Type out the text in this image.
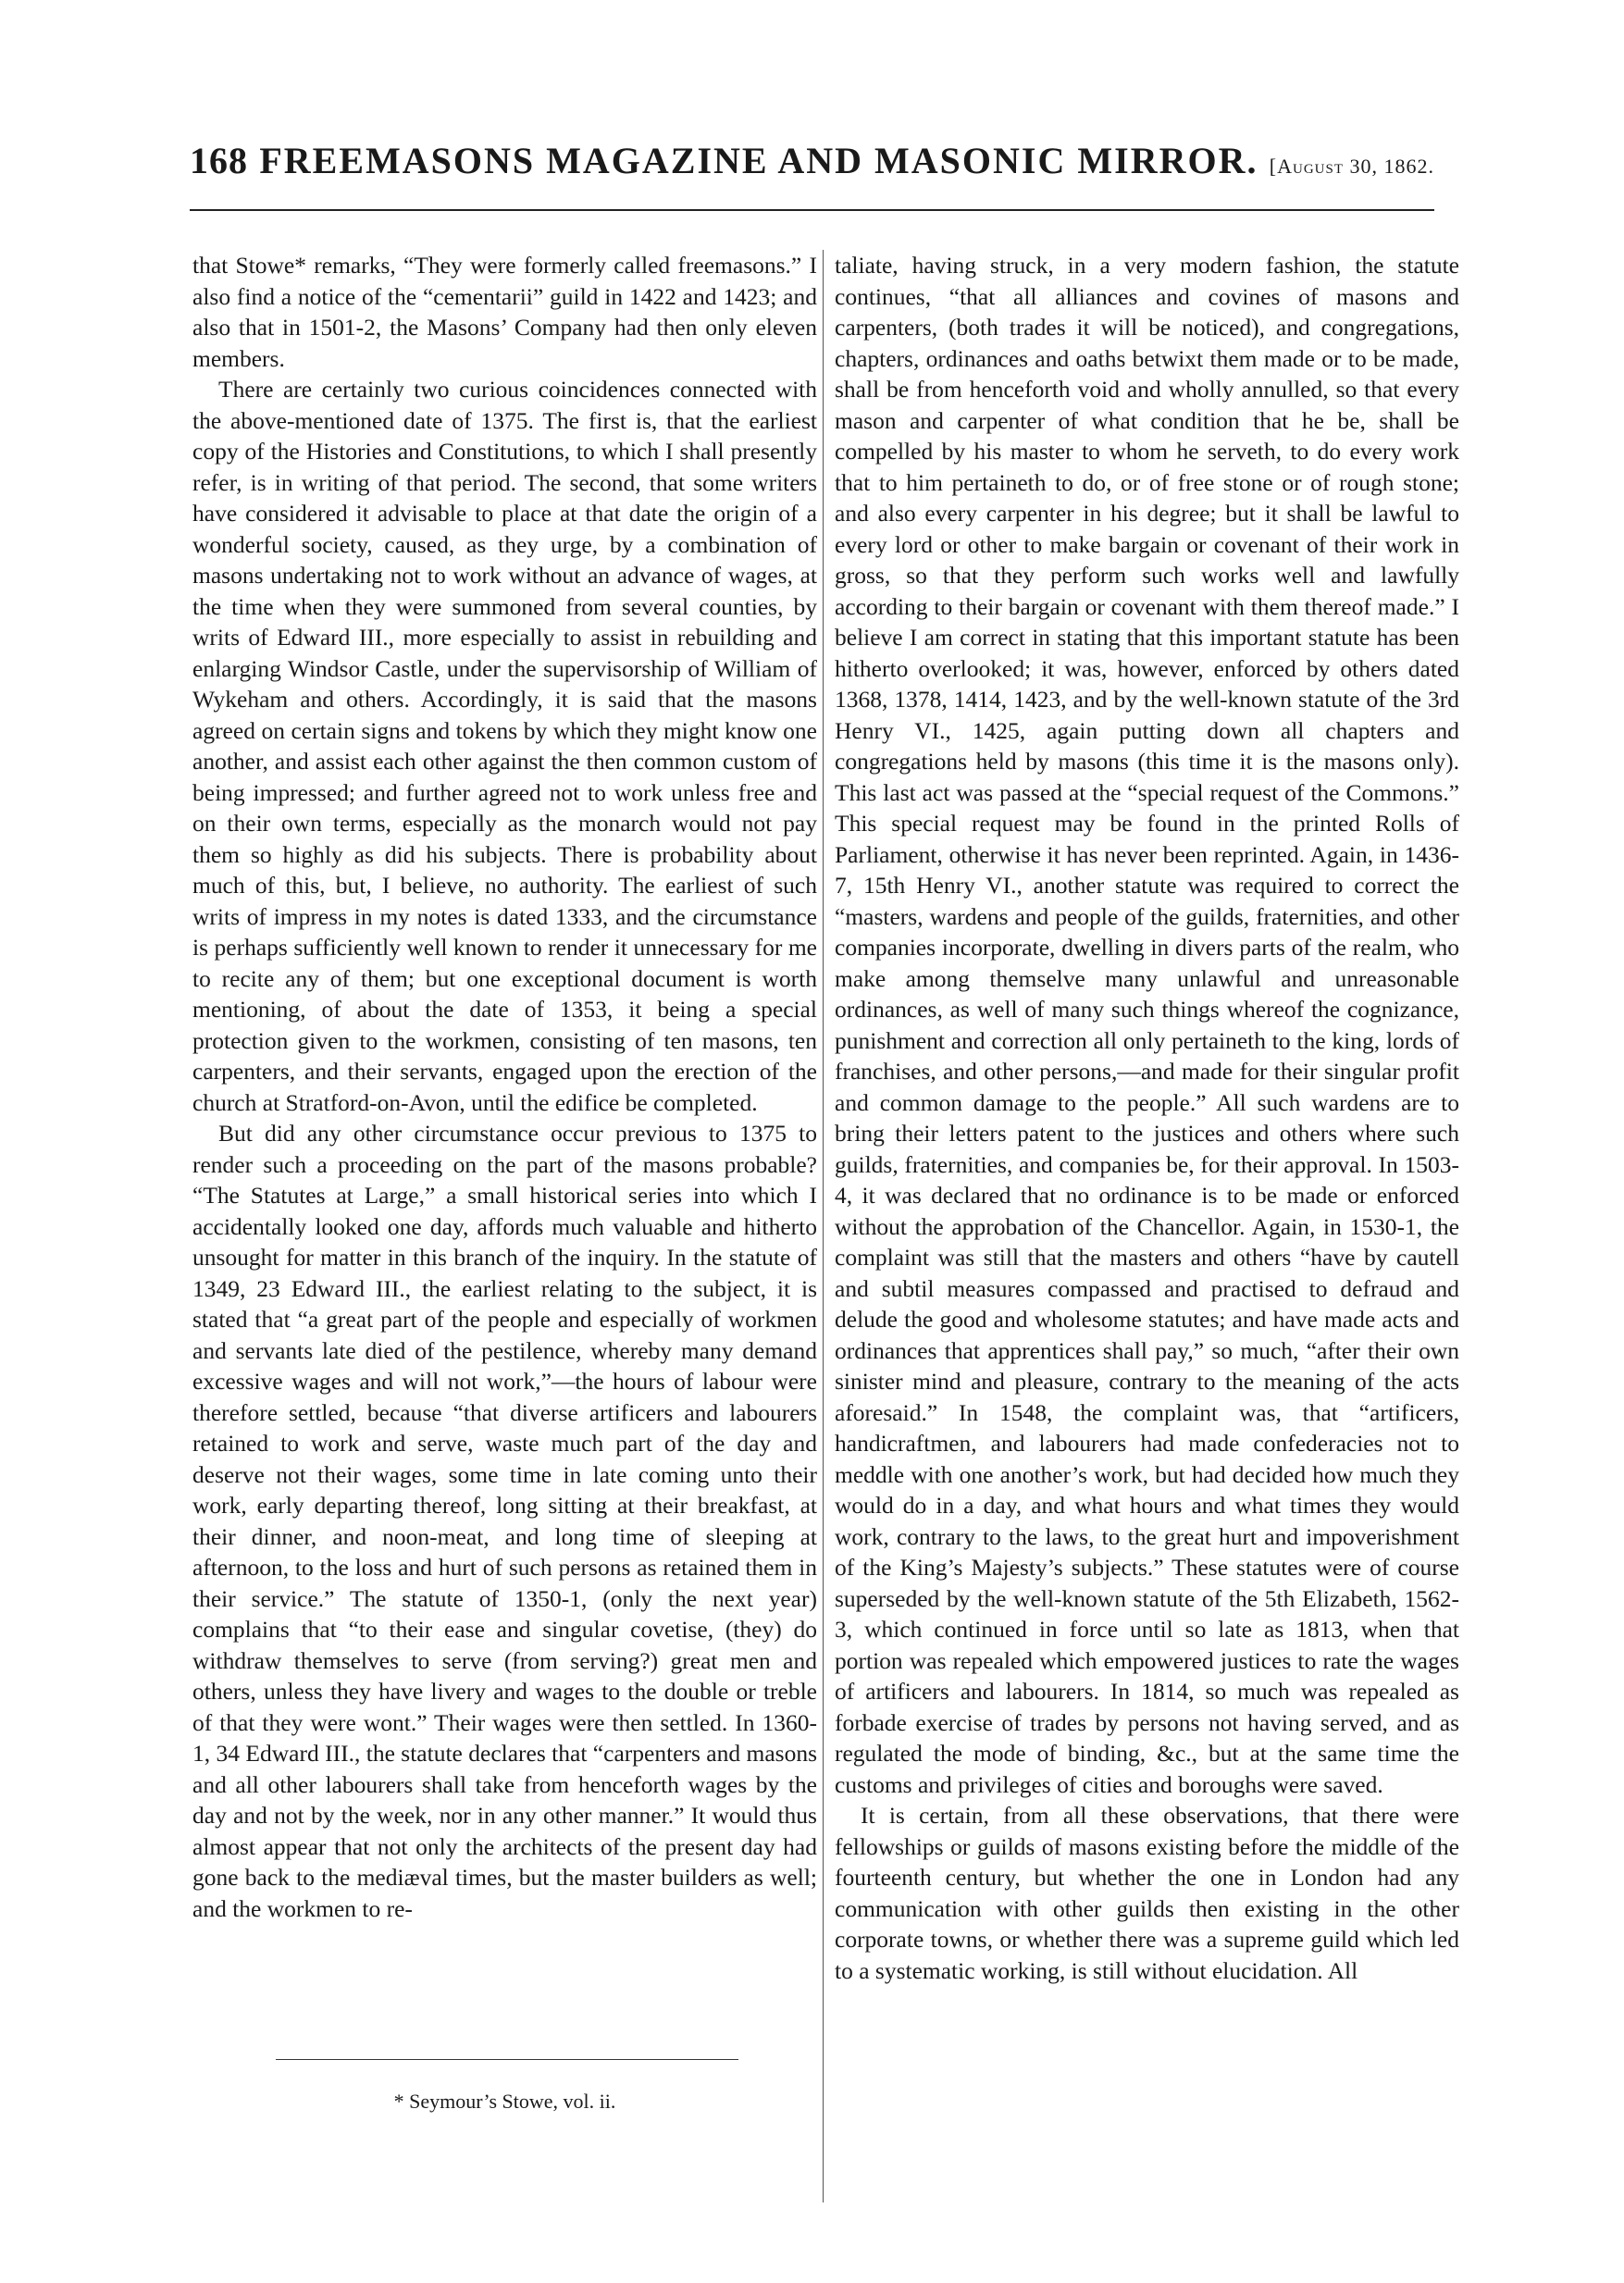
168 FREEMASONS MAGAZINE AND MASONIC MIRROR. [August 30, 1862.

that Stowe* remarks, “They were formerly called freemasons.” I also find a notice of the “cementarii” guild in 1422 and 1423; and also that in 1501-2, the Masons’ Company had then only eleven members.

There are certainly two curious coincidences connected with the above-mentioned date of 1375. The first is, that the earliest copy of the Histories and Constitutions, to which I shall presently refer, is in writing of that period. The second, that some writers have considered it advisable to place at that date the origin of a wonderful society, caused, as they urge, by a combination of masons undertaking not to work without an advance of wages, at the time when they were summoned from several counties, by writs of Edward III., more especially to assist in rebuilding and enlarging Windsor Castle, under the supervisorship of William of Wykeham and others. Accordingly, it is said that the masons agreed on certain signs and tokens by which they might know one another, and assist each other against the then common custom of being impressed; and further agreed not to work unless free and on their own terms, especially as the monarch would not pay them so highly as did his subjects. There is probability about much of this, but, I believe, no authority. The earliest of such writs of impress in my notes is dated 1333, and the circumstance is perhaps sufficiently well known to render it unnecessary for me to recite any of them; but one exceptional document is worth mentioning, of about the date of 1353, it being a special protection given to the workmen, consisting of ten masons, ten carpenters, and their servants, engaged upon the erection of the church at Stratford-on-Avon, until the edifice be completed.

But did any other circumstance occur previous to 1375 to render such a proceeding on the part of the masons probable? “The Statutes at Large,” a small historical series into which I accidentally looked one day, affords much valuable and hitherto unsought for matter in this branch of the inquiry. In the statute of 1349, 23 Edward III., the earliest relating to the subject, it is stated that “a great part of the people and especially of workmen and servants late died of the pestilence, whereby many demand excessive wages and will not work,”—the hours of labour were therefore settled, because “that diverse artificers and labourers retained to work and serve, waste much part of the day and deserve not their wages, some time in late coming unto their work, early departing thereof, long sitting at their breakfast, at their dinner, and noon-meat, and long time of sleeping at afternoon, to the loss and hurt of such persons as retained them in their service.” The statute of 1350-1, (only the next year) complains that “to their ease and singular covetise, (they) do withdraw themselves to serve (from serving?) great men and others, unless they have livery and wages to the double or treble of that they were wont.” Their wages were then settled. In 1360-1, 34 Edward III., the statute declares that “carpenters and masons and all other labourers shall take from henceforth wages by the day and not by the week, nor in any other manner.” It would thus almost appear that not only the architects of the present day had gone back to the mediæval times, but the master builders as well; and the workmen to re-

taliate, having struck, in a very modern fashion, the statute continues, “that all alliances and covines of masons and carpenters, (both trades it will be noticed), and congregations, chapters, ordinances and oaths betwixt them made or to be made, shall be from henceforth void and wholly annulled, so that every mason and carpenter of what condition that he be, shall be compelled by his master to whom he serveth, to do every work that to him pertaineth to do, or of free stone or of rough stone; and also every carpenter in his degree; but it shall be lawful to every lord or other to make bargain or covenant of their work in gross, so that they perform such works well and lawfully according to their bargain or covenant with them thereof made.” I believe I am correct in stating that this important statute has been hitherto overlooked; it was, however, enforced by others dated 1368, 1378, 1414, 1423, and by the well-known statute of the 3rd Henry VI., 1425, again putting down all chapters and congregations held by masons (this time it is the masons only). This last act was passed at the “special request of the Commons.” This special request may be found in the printed Rolls of Parliament, otherwise it has never been reprinted. Again, in 1436-7, 15th Henry VI., another statute was required to correct the “masters, wardens and people of the guilds, fraternities, and other companies incorporate, dwelling in divers parts of the realm, who make among themselve many unlawful and unreasonable ordinances, as well of many such things whereof the cognizance, punishment and correction all only pertaineth to the king, lords of franchises, and other persons,—and made for their singular profit and common damage to the people.” All such wardens are to bring their letters patent to the justices and others where such guilds, fraternities, and companies be, for their approval. In 1503-4, it was declared that no ordinance is to be made or enforced without the approbation of the Chancellor. Again, in 1530-1, the complaint was still that the masters and others “have by cautell and subtil measures compassed and practised to defraud and delude the good and wholesome statutes; and have made acts and ordinances that apprentices shall pay,” so much, “after their own sinister mind and pleasure, contrary to the meaning of the acts aforesaid.” In 1548, the complaint was, that “artificers, handicraftmen, and labourers had made confederacies not to meddle with one another’s work, but had decided how much they would do in a day, and what hours and what times they would work, contrary to the laws, to the great hurt and impoverishment of the King’s Majesty’s subjects.” These statutes were of course superseded by the well-known statute of the 5th Elizabeth, 1562-3, which continued in force until so late as 1813, when that portion was repealed which empowered justices to rate the wages of artificers and labourers. In 1814, so much was repealed as forbade exercise of trades by persons not having served, and as regulated the mode of binding, &c., but at the same time the customs and privileges of cities and boroughs were saved.

It is certain, from all these observations, that there were fellowships or guilds of masons existing before the middle of the fourteenth century, but whether the one in London had any communication with other guilds then existing in the other corporate towns, or whether there was a supreme guild which led to a systematic working, is still without elucidation. All

* Seymour’s Stowe, vol. ii.
